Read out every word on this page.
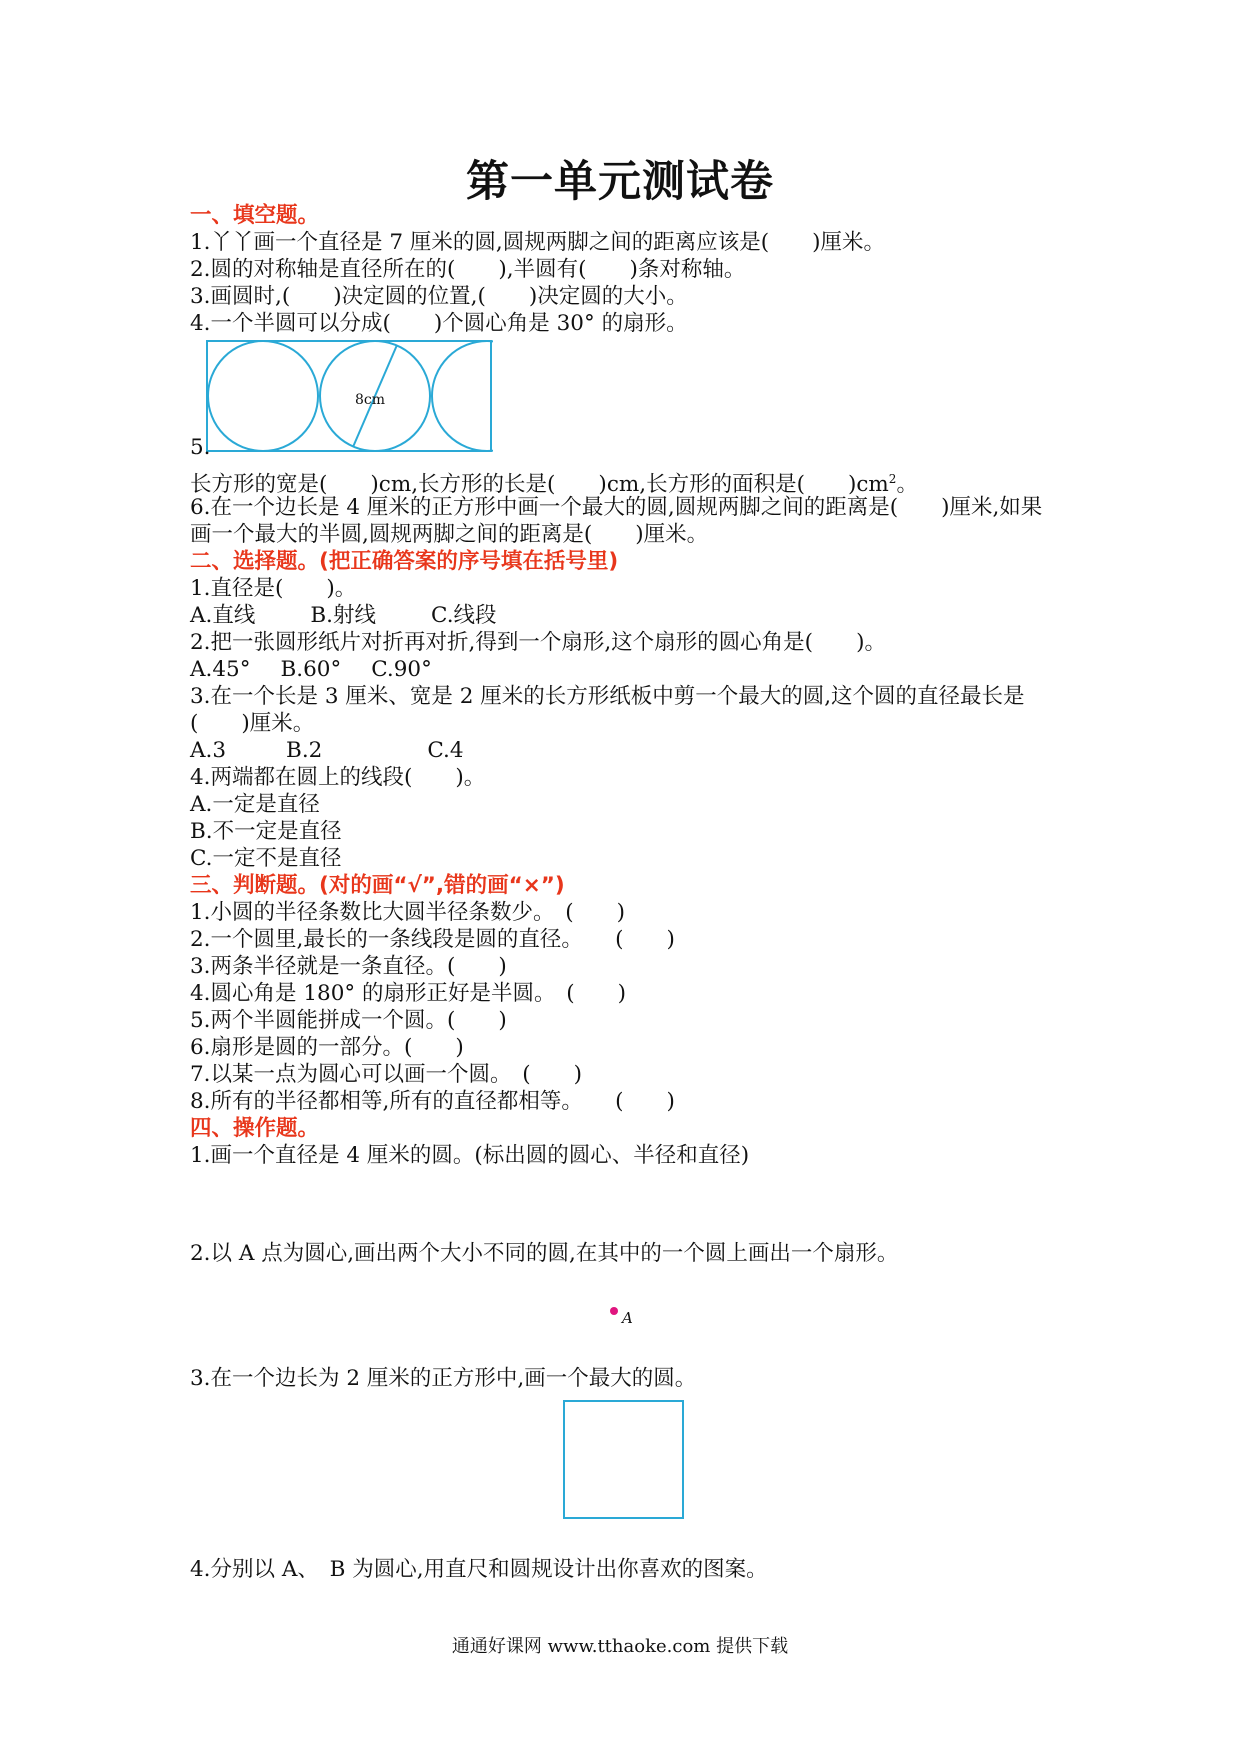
第一单元测试卷
一、填空题。
1.丫丫画一个直径是 7 厘米的圆,圆规两脚之间的距离应该是(　　)厘米。
2.圆的对称轴是直径所在的(　　),半圆有(　　)条对称轴。
3.画圆时,(　　)决定圆的位置,(　　)决定圆的大小。
4.一个半圆可以分成(　　)个圆心角是 30° 的扇形。
8cm
5.
长方形的宽是(　　)cm,长方形的长是(　　)cm,长方形的面积是(　　)$cm^2$。
6.在一个边长是 4 厘米的正方形中画一个最大的圆,圆规两脚之间的距离是(　　)厘米,如果
画一个最大的半圆,圆规两脚之间的距离是(　　)厘米。
二、选择题。(把正确答案的序号填在括号里)
1.直径是(　　)。
A.直线	B.射线	C.线段
2.把一张圆形纸片对折再对折,得到一个扇形,这个扇形的圆心角是(　　)。
A.45° B.60° C.90°
3.在一个长是 3 厘米、宽是 2 厘米的长方形纸板中剪一个最大的圆,这个圆的直径最长是
(　　)厘米。
A.3	B.2	C.4
4.两端都在圆上的线段(　　)。
A.一定是直径
B.不一定是直径
C.一定不是直径
三、判断题。(对的画“√”,错的画“×”)
1.小圆的半径条数比大圆半径条数少。　(　　)
2.一个圆里,最长的一条线段是圆的直径。　　(　　)
3.两条半径就是一条直径。(　　)
4.圆心角是 180° 的扇形正好是半圆。　(　　)
5.两个半圆能拼成一个圆。(　　)
6.扇形是圆的一部分。(　　)
7.以某一点为圆心可以画一个圆。　(　　)
8.所有的半径都相等,所有的直径都相等。　　(　　)
四、操作题。
1.画一个直径是 4 厘米的圆。(标出圆的圆心、半径和直径)
2.以 A 点为圆心,画出两个大小不同的圆,在其中的一个圆上画出一个扇形。
A
3.在一个边长为 2 厘米的正方形中,画一个最大的圆。
4.分别以 A、　B 为圆心,用直尺和圆规设计出你喜欢的图案。
通通好课网 www.tthaoke.com 提供下载
